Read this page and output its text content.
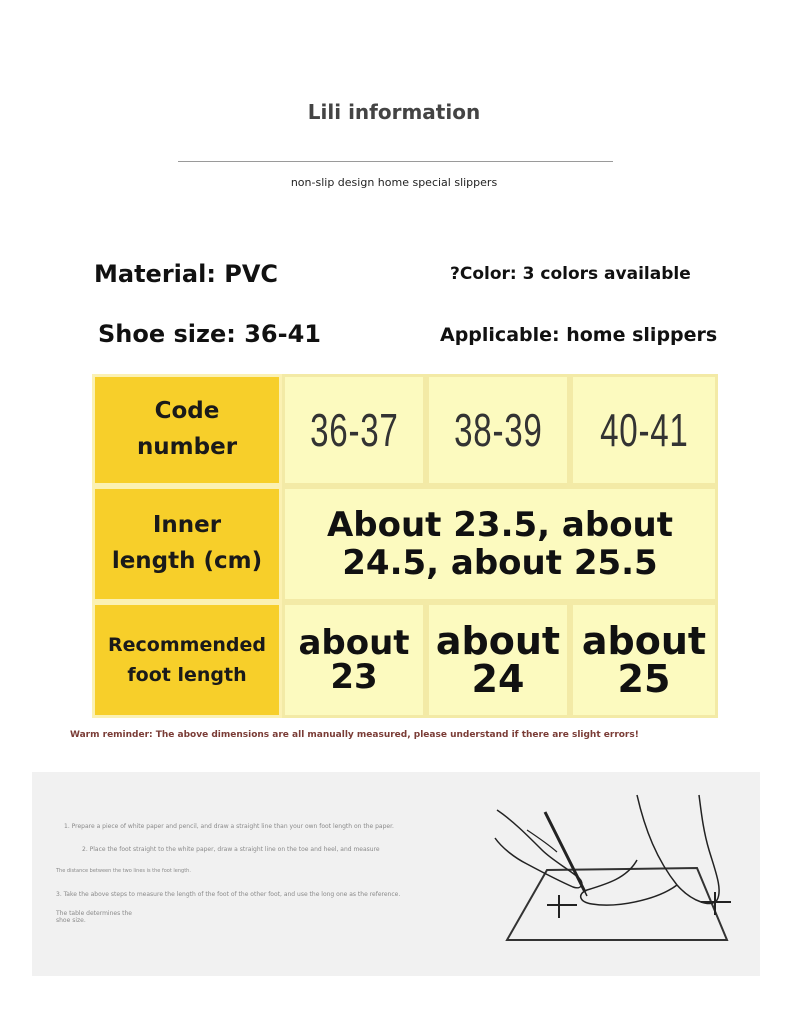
Lili information
non-slip design home special slippers
Material: PVC	?Color: 3 colors available
Shoe size: 36-41	Applicable: home slippers
Code
number 36-37 38-39 40-41
Inner
length (cm)
About 23.5, about
24.5, about 25.5
Recommended
foot length
about
23
about
24
about
25
Warm reminder: The above dimensions are all manually measured, please understand if there are slight errors!
1. Prepare a piece of white paper and pencil, and draw a straight line than your own foot length on the paper.
2. Place the foot straight to the white paper, draw a straight line on the toe and heel, and measure
The distance between the two lines is the foot length.
3. Take the above steps to measure the length of the foot of the other foot, and use the long one as the reference.
The table determines the
shoe size.
